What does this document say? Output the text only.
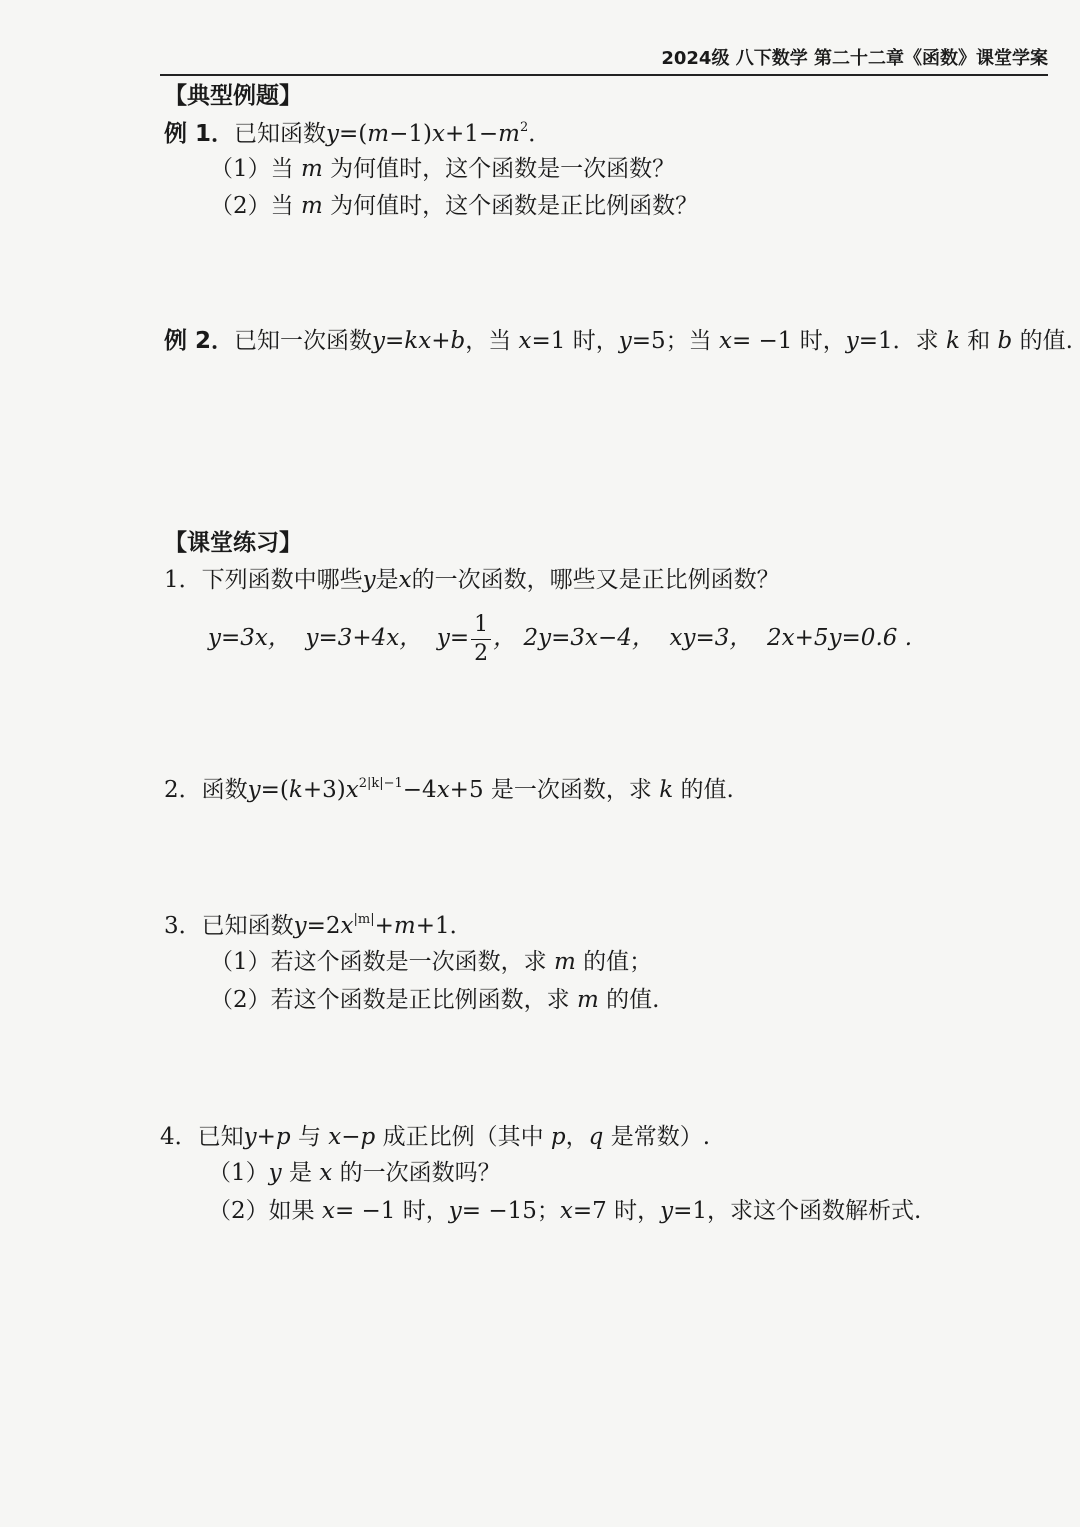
2024级 八下数学 第二十二章《函数》课堂学案
【典型例题】
例 1．已知函数$y=(m-1)x+1-m^2$．
（1）当 m 为何值时，这个函数是一次函数？
（2）当 m 为何值时，这个函数是正比例函数？
例 2．已知一次函数y=kx+b，当 x=1 时，y=5；当 x= −1 时，y=1．求 k 和 b 的值.
【课堂练习】
1．下列函数中哪些y是x的一次函数，哪些又是正比例函数？
y=3x， y=3+4x， $y= \frac{1}{2}$ ， 2y=3x−4， xy=3， 2x+5y=0.6 .
2．函数$y=(k+3)x^{2|k|-1}-4x+5$ 是一次函数，求 k 的值.
3．已知函数$y=2x^{|m|}+m+1$．
（1）若这个函数是一次函数，求 m 的值；
（2）若这个函数是正比例函数，求 m 的值.
4．已知y+p 与 x−p 成正比例（其中 p，q 是常数）.
（1）y 是 x 的一次函数吗？
（2）如果 x= −1 时，y= −15；x=7 时，y=1，求这个函数解析式.
